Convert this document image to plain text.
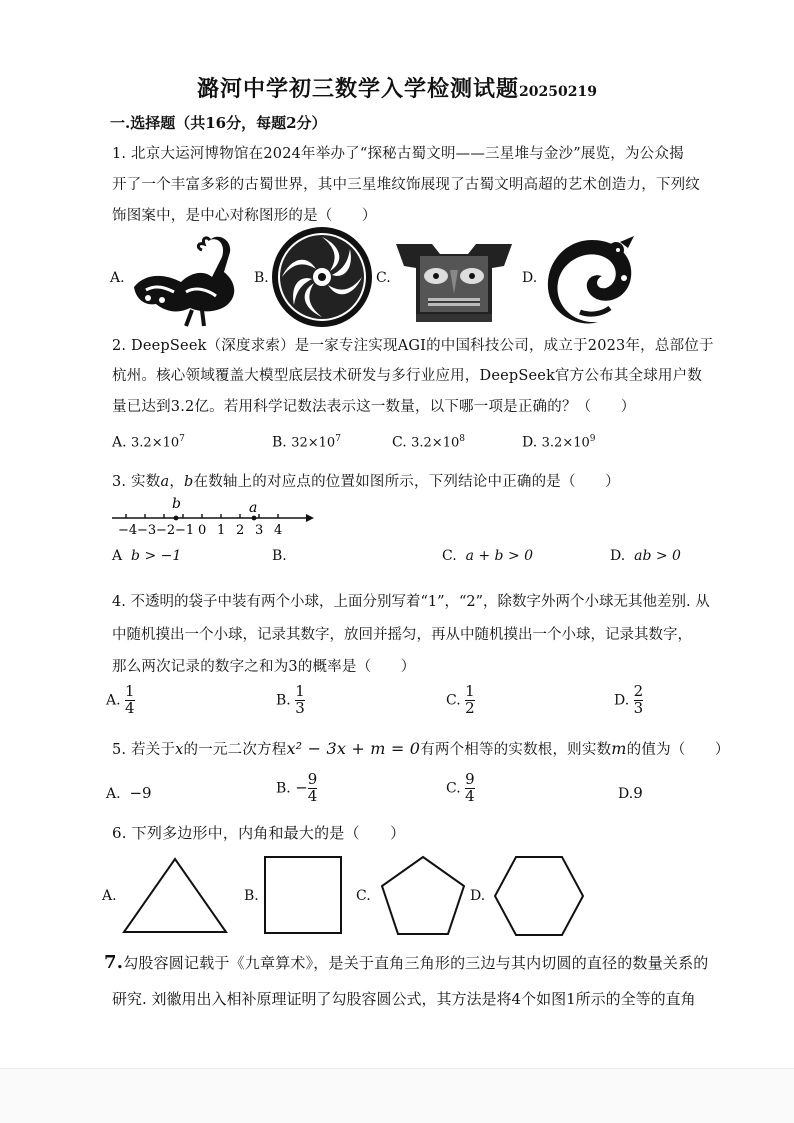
潞河中学初三数学入学检测试题20250219
一.选择题（共16分，每题2分）
1. 北京大运河博物馆在2024年举办了“探秘古蜀文明——三星堆与金沙”展览，为公众揭
开了一个丰富多彩的古蜀世界，其中三星堆纹饰展现了古蜀文明高超的艺术创造力，下列纹
饰图案中，是中心对称图形的是（　　）
A.	B.	C.	D.
2. DeepSeek（深度求索）是一家专注实现AGI的中国科技公司，成立于2023年，总部位于
杭州。核心领域覆盖大模型底层技术研发与多行业应用，DeepSeek官方公布其全球用户数
量已达到3.2亿。若用科学记数法表示这一数量，以下哪一项是正确的？（　　）
A. $3.2\times 10^7$	B. $32\times 10^7$	C. $3.2\times 10^8$	D. $3.2\times 10^9$
3. 实数a，b在数轴上的对应点的位置如图所示，下列结论中正确的是（　　）
b	a
−4 −3 −2 −1 0 1 2 3 4
A b > −1	B.	C. a + b > 0	D. ab > 0
4. 不透明的袋子中装有两个小球，上面分别写着“1”，“2”，除数字外两个小球无其他差别. 从
中随机摸出一个小球，记录其数字，放回并摇匀，再从中随机摸出一个小球，记录其数字，
那么两次记录的数字之和为3的概率是（　　）
A. $\frac{1}{4}$	B. $\frac{1}{3}$	C. $\frac{1}{2}$	D. $\frac{2}{3}$
5. 若关于x的一元二次方程x² − 3x + m = 0有两个相等的实数根，则实数m的值为（　　）
A. −9	B. − $\frac{9}{4}$	C. $\frac{9}{4}$	D.9
6. 下列多边形中，内角和最大的是（　　）
A.	B.	C.	D.
7.勾股容圆记载于《九章算术》，是关于直角三角形的三边与其内切圆的直径的数量关系的
研究. 刘徽用出入相补原理证明了勾股容圆公式，其方法是将4个如图1所示的全等的直角
